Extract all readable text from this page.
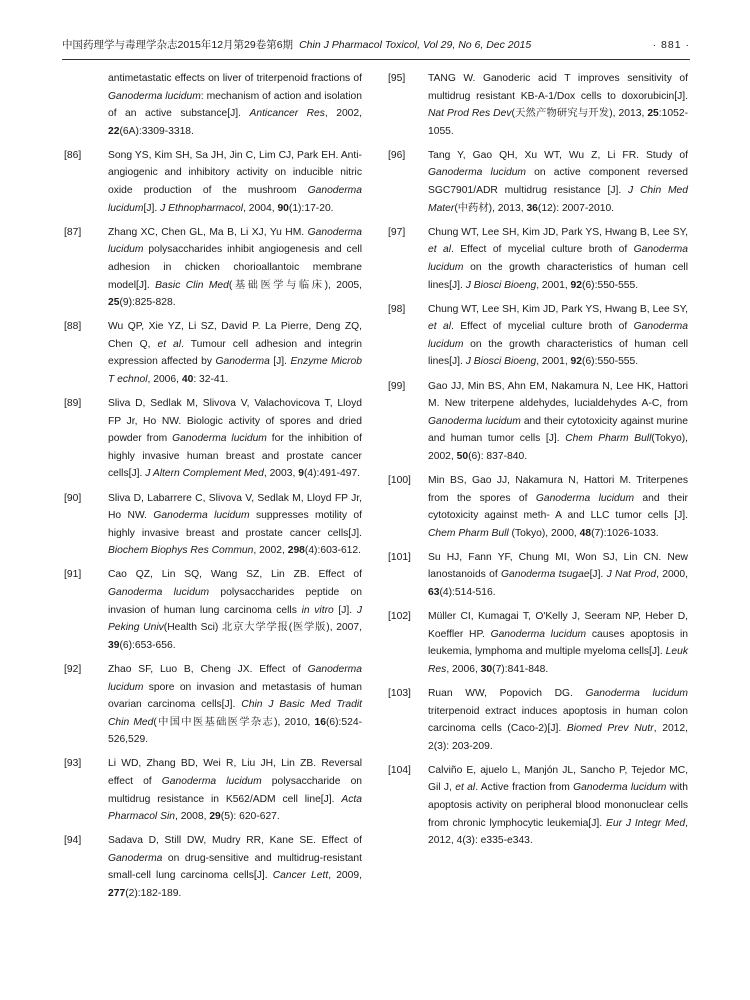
中国药理学与毒理学杂志2015年12月第29卷第6期 Chin J Pharmacol Toxicol, Vol 29, No 6, Dec 2015	· 881 ·
antimetastatic effects on liver of triterpenoid fractions of Ganoderma lucidum: mechanism of action and isolation of an active substance[J]. Anticancer Res, 2002, 22(6A):3309-3318.
[86]	Song YS, Kim SH, Sa JH, Jin C, Lim CJ, Park EH. Anti-angiogenic and inhibitory activity on inducible nitric oxide production of the mushroom Ganoderma lucidum[J]. J Ethnopharmacol, 2004, 90(1):17-20.
[87]	Zhang XC, Chen GL, Ma B, Li XJ, Yu HM. Ganoderma lucidum polysaccharides inhibit angiogenesis and cell adhesion in chicken chorioallantoic membrane model[J]. Basic Clin Med(基础医学与临床), 2005, 25(9):825-828.
[88]	Wu QP, Xie YZ, Li SZ, David P. La Pierre, Deng ZQ, Chen Q, et al. Tumour cell adhesion and integrin expression affected by Ganoderma [J]. Enzyme Microb T echnol, 2006, 40: 32-41.
[89]	Sliva D, Sedlak M, Slivova V, Valachovicova T, Lloyd FP Jr, Ho NW. Biologic activity of spores and dried powder from Ganoderma lucidum for the inhibition of highly invasive human breast and prostate cancer cells[J]. J Altern Complement Med, 2003, 9(4):491-497.
[90]	Sliva D, Labarrere C, Slivova V, Sedlak M, Lloyd FP Jr, Ho NW. Ganoderma lucidum suppresses motility of highly invasive breast and prostate cancer cells[J]. Biochem Biophys Res Commun, 2002, 298(4):603-612.
[91]	Cao QZ, Lin SQ, Wang SZ, Lin ZB. Effect of Ganoderma lucidum polysaccharides peptide on invasion of human lung carcinoma cells in vitro [J]. J Peking Univ(Health Sci) 北京大学学报(医学版), 2007, 39(6):653-656.
[92]	Zhao SF, Luo B, Cheng JX. Effect of Ganoderma lucidum spore on invasion and metastasis of human ovarian carcinoma cells[J]. Chin J Basic Med Tradit Chin Med(中国中医基础医学杂志), 2010, 16(6):524-526,529.
[93]	Li WD, Zhang BD, Wei R, Liu JH, Lin ZB. Reversal effect of Ganoderma lucidum polysaccharide on multidrug resistance in K562/ADM cell line[J]. Acta Pharmacol Sin, 2008, 29(5): 620-627.
[94]	Sadava D, Still DW, Mudry RR, Kane SE. Effect of Ganoderma on drug-sensitive and multidrug-resistant small-cell lung carcinoma cells[J]. Cancer Lett, 2009, 277(2):182-189.
[95] TANG W. Ganoderic acid T improves sensitivity of multidrug resistant KB-A-1/Dox cells to doxorubicin[J]. Nat Prod Res Dev(天然产物研究与开发), 2013, 25:1052-1055.
[96] Tang Y, Gao QH, Xu WT, Wu Z, Li FR. Study of Ganoderma lucidum on active component reversed SGC7901/ADR multidrug resistance [J]. J Chin Med Mater(中药材), 2013, 36(12): 2007-2010.
[97] Chung WT, Lee SH, Kim JD, Park YS, Hwang B, Lee SY, et al. Effect of mycelial culture broth of Ganoderma lucidum on the growth characteristics of human cell lines[J]. J Biosci Bioeng, 2001, 92(6):550-555.
[98] Chung WT, Lee SH, Kim JD, Park YS, Hwang B, Lee SY, et al. Effect of mycelial culture broth of Ganoderma lucidum on the growth characteristics of human cell lines[J]. J Biosci Bioeng, 2001, 92(6):550-555.
[99] Gao JJ, Min BS, Ahn EM, Nakamura N, Lee HK, Hattori M. New triterpene aldehydes, lucialdehydes A-C, from Ganoderma lucidum and their cytotoxicity against murine and human tumor cells [J]. Chem Pharm Bull(Tokyo), 2002, 50(6): 837-840.
[100] Min BS, Gao JJ, Nakamura N, Hattori M. Triterpenes from the spores of Ganoderma lucidum and their cytotoxicity against meth- A and LLC tumor cells [J]. Chem Pharm Bull (Tokyo), 2000, 48(7):1026-1033.
[101] Su HJ, Fann YF, Chung MI, Won SJ, Lin CN. New lanostanoids of Ganoderma tsugae[J]. J Nat Prod, 2000, 63(4):514-516.
[102] Müller CI, Kumagai T, O'Kelly J, Seeram NP, Heber D, Koeffler HP. Ganoderma lucidum causes apoptosis in leukemia, lymphoma and multiple myeloma cells[J]. Leuk Res, 2006, 30(7):841-848.
[103] Ruan WW, Popovich DG. Ganoderma lucidum triterpenoid extract induces apoptosis in human colon carcinoma cells (Caco-2)[J]. Biomed Prev Nutr, 2012, 2(3): 203-209.
[104] Calviño E, ajuelo L, Manjón JL, Sancho P, Tejedor MC, Gil J, et al. Active fraction from Ganoderma lucidum with apoptosis activity on peripheral blood mononuclear cells from chronic lymphocytic leukemia[J]. Eur J Integr Med, 2012, 4(3): e335-e343.
